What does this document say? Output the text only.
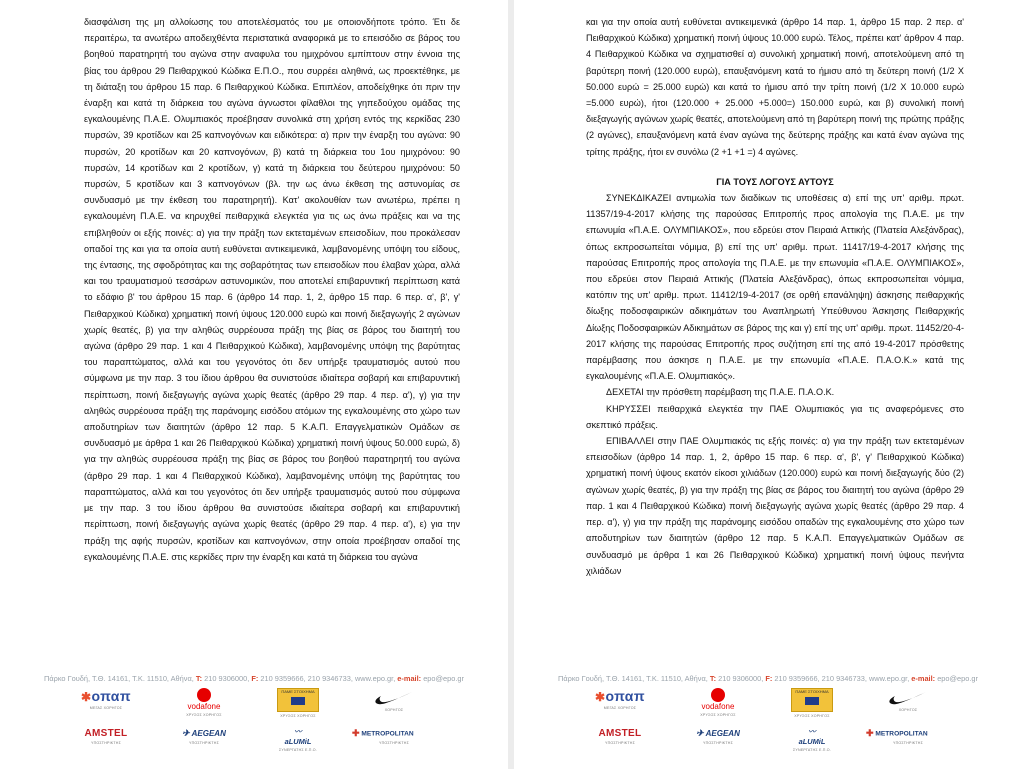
διασφάλιση της μη αλλοίωσης του αποτελέσματός του με οποιονδήποτε τρόπο. Έτι δε περαιτέρω, τα ανωτέρω αποδειχθέντα περιστατικά αναφορικά με το επεισόδιο σε βάρος του βοηθού παρατηρητή του αγώνα στην αναφυλα του ημιχρόνου εμπίπτουν στην έννοια της βίας του άρθρου 29 Πειθαρχικού Κώδικα Ε.Π.Ο., που συρρέει αληθινά, ως προεκτέθηκε, με τη διάταξη του άρθρου 15 παρ. 6 Πειθαρχικού Κώδικα. Επιπλέον, αποδείχθηκε ότι πριν την έναρξη και κατά τη διάρκεια του αγώνα άγνωστοι φίλαθλοι της γηπεδούχου ομάδας της εγκαλουμένης Π.Α.Ε. Ολυμπιακός προέβησαν συνολικά στη χρήση εντός της κερκίδας 230 πυρσών, 39 κροτίδων και 25 καπνογόνων και ειδικότερα: α) πριν την έναρξη του αγώνα: 90 πυρσών, 20 κροτίδων και 20 καπνογόνων, β) κατά τη διάρκεια του 1ου ημιχρόνου: 90 πυρσών, 14 κροτίδων και 2 κροτίδων, γ) κατά τη διάρκεια του δεύτερου ημιχρόνου: 50 πυρσών, 5 κροτίδων και 3 καπνογόνων (βλ. την ως άνω έκθεση της αστυνομίας σε συνδυασμό με την έκθεση του παρατηρητή). Κατ' ακολουθίαν των ανωτέρω, πρέπει η εγκαλουμένη Π.Α.Ε. να κηρυχθεί πειθαρχικά ελεγκτέα για τις ως άνω πράξεις και να της επιβληθούν οι εξής ποινές: α) για την πράξη των εκτεταμένων επεισοδίων, που προκάλεσαν οπαδοί της και για τα οποία αυτή ευθύνεται αντικειμενικά, λαμβανομένης υπόψη του είδους, της έντασης, της σφοδρότητας και της σοβαρότητας των επεισοδίων που έλαβαν χώρα, αλλά και του τραυματισμού τεσσάρων αστυνομικών, που αποτελεί επιβαρυντική περίπτωση κατά το εδάφιο β' του άρθρου 15 παρ. 6 (άρθρο 14 παρ. 1, 2, άρθρο 15 παρ. 6 περ. α', β', γ' Πειθαρχικού Κώδικα) χρηματική ποινή ύψους 120.000 ευρώ και ποινή διεξαγωγής 2 αγώνων χωρίς θεατές, β) για την αληθώς συρρέουσα πράξη της βίας σε βάρος του διαιτητή του αγώνα (άρθρο 29 παρ. 1 και 4 Πειθαρχικού Κώδικα), λαμβανομένης υπόψη της βαρύτητας του παραπτώματος, αλλά και του γεγονότος ότι δεν υπήρξε τραυματισμός αυτού που σύμφωνα με την παρ. 3 του ίδιου άρθρου θα συνιστούσε ιδιαίτερα σοβαρή και επιβαρυντική περίπτωση, ποινή διεξαγωγής αγώνα χωρίς θεατές (άρθρο 29 παρ. 4 περ. α'), γ) για την αληθώς συρρέουσα πράξη της παράνομης εισόδου ατόμων της εγκαλουμένης στο χώρο των αποδυτηρίων των διαιτητών (άρθρο 12 παρ. 5 Κ.Α.Π. Επαγγελματικών Ομάδων σε συνδυασμό με άρθρα 1 και 26 Πειθαρχικού Κώδικα) χρηματική ποινή ύψους 50.000 ευρώ, δ) για την αληθώς συρρέουσα πράξη της βίας σε βάρος του βοηθού παρατηρητή του αγώνα (άρθρο 29 παρ. 1 και 4 Πειθαρχικού Κώδικα), λαμβανομένης υπόψη της βαρύτητας του παραπτώματος, αλλά και του γεγονότος ότι δεν υπήρξε τραυματισμός αυτού που σύμφωνα με την παρ. 3 του ίδιου άρθρου θα συνιστούσε ιδιαίτερα σοβαρή και επιβαρυντική περίπτωση, ποινή διεξαγωγής αγώνα χωρίς θεατές (άρθρο 29 παρ. 4 περ. α'), ε) για την πράξη της αφής πυρσών, κροτίδων και καπνογόνων, στην οποία προέβησαν οπαδοί της εγκαλουμένης Π.Α.Ε. στις κερκίδες πριν την έναρξη και κατά τη διάρκεια του αγώνα

Πάρκο Γουδή, Τ.Θ. 14161, Τ.Κ. 11510, Αθήνα, T: 210 9306000, F: 210 9359666, 210 9346733, www.epo.gr, e-mail: epo@epo.gr
✱οπαπ
ΜΕΓΑΣ ΧΟΡΗΓΟΣ	vodafone
ΧΡΥΣΟΣ ΧΟΡΗΓΟΣ
ΠΑΜΕ ΣΤΟΙΧΗΜΑ
ΧΡΥΣΟΣ ΧΟΡΗΓΟΣ
ΧΟΡΗΓΟΣ
AMSTEL
ΥΠΟΣΤΗΡΙΚΤΗΣ
✈ AEGEAN
ΥΠΟΣΤΗΡΙΚΤΗΣ
〰
aLUMiL
ΣΥΝΕΡΓΑΤΗΣ Ε.Π.Ο.
✚ METROPOLITAN
ΥΠΟΣΤΗΡΙΚΤΗΣ

και για την οποία αυτή ευθύνεται αντικειμενικά (άρθρο 14 παρ. 1, άρθρο 15 παρ. 2 περ. α' Πειθαρχικού Κώδικα) χρηματική ποινή ύψους 10.000 ευρώ. Τέλος, πρέπει κατ' άρθρον 4 παρ. 4 Πειθαρχικού Κώδικα να σχηματισθεί α) συνολική χρηματική ποινή, αποτελούμενη από τη βαρύτερη ποινή (120.000 ευρώ), επαυξανόμενη κατά το ήμισυ από τη δεύτερη ποινή (1/2 Χ 50.000 ευρώ = 25.000 ευρώ) και κατά το ήμισυ από την τρίτη ποινή (1/2 Χ 10.000 ευρώ =5.000 ευρώ), ήτοι (120.000 + 25.000 +5.000=) 150.000 ευρώ, και β) συνολική ποινή διεξαγωγής αγώνων χωρίς θεατές, αποτελούμενη από τη βαρύτερη ποινή της πρώτης πράξης (2 αγώνες), επαυξανόμενη κατά έναν αγώνα της δεύτερης πράξης και κατά έναν αγώνα της τρίτης πράξης, ήτοι εν συνόλω (2 +1 +1 =) 4 αγώνες.

ΓΙΑ ΤΟΥΣ ΛΟΓΟΥΣ ΑΥΤΟΥΣ

ΣΥΝΕΚΔΙΚΑΖΕΙ αντιμωλία των διαδίκων τις υποθέσεις α) επί της υπ' αριθμ. πρωτ. 11357/19-4-2017 κλήσης της παρούσας Επιτροπής προς απολογία της Π.Α.Ε. με την επωνυμία «Π.Α.Ε. ΟΛΥΜΠΙΑΚΟΣ», που εδρεύει στον Πειραιά Αττικής (Πλατεία Αλεξάνδρας), όπως εκπροσωπείται νόμιμα, β) επί της υπ' αριθμ. πρωτ. 11417/19-4-2017 κλήσης της παρούσας Επιτροπής προς απολογία της Π.Α.Ε. με την επωνυμία «Π.Α.Ε. ΟΛΥΜΠΙΑΚΟΣ», που εδρεύει στον Πειραιά Αττικής (Πλατεία Αλεξάνδρας), όπως εκπροσωπείται νόμιμα, κατόπιν της υπ' αριθμ. πρωτ. 11412/19-4-2017 (σε ορθή επανάληψη) άσκησης πειθαρχικής δίωξης ποδοσφαιρικών αδικημάτων του Αναπληρωτή Υπεύθυνου Άσκησης Πειθαρχικής Δίωξης Ποδοσφαιρικών Αδικημάτων σε βάρος της και γ) επί της υπ' αριθμ. πρωτ. 11452/20-4-2017 κλήσης της παρούσας Επιτροπής προς συζήτηση επί της από 19-4-2017 πρόσθετης παρέμβασης που άσκησε η Π.Α.Ε. με την επωνυμία «Π.Α.Ε. Π.Α.Ο.Κ.» κατά της εγκαλουμένης «Π.Α.Ε. Ολυμπιακός».

ΔΕΧΕΤΑΙ την πρόσθετη παρέμβαση της Π.Α.Ε. Π.Α.Ο.Κ.

ΚΗΡΥΣΣΕΙ πειθαρχικά ελεγκτέα την ΠΑΕ Ολυμπιακός για τις αναφερόμενες στο σκεπτικό πράξεις.

ΕΠΙΒΑΛΛΕΙ στην ΠΑΕ Ολυμπιακός τις εξής ποινές: α) για την πράξη των εκτεταμένων επεισοδίων (άρθρο 14 παρ. 1, 2, άρθρο 15 παρ. 6 περ. α', β', γ' Πειθαρχικού Κώδικα) χρηματική ποινή ύψους εκατόν είκοσι χιλιάδων (120.000) ευρώ και ποινή διεξαγωγής δύο (2) αγώνων χωρίς θεατές, β) για την πράξη της βίας σε βάρος του διαιτητή του αγώνα (άρθρο 29 παρ. 1 και 4 Πειθαρχικού Κώδικα) ποινή διεξαγωγής αγώνα χωρίς θεατές (άρθρο 29 παρ. 4 περ. α'), γ) για την πράξη της παράνομης εισόδου οπαδών της εγκαλουμένης στο χώρο των αποδυτηρίων των διαιτητών (άρθρο 12 παρ. 5 Κ.Α.Π. Επαγγελματικών Ομάδων σε συνδυασμό με άρθρα 1 και 26 Πειθαρχικού Κώδικα) χρηματική ποινή ύψους πενήντα χιλιάδων

Πάρκο Γουδή, Τ.Θ. 14161, Τ.Κ. 11510, Αθήνα, T: 210 9306000, F: 210 9359666, 210 9346733, www.epo.gr, e-mail: epo@epo.gr
✱οπαπ
ΜΕΓΑΣ ΧΟΡΗΓΟΣ	vodafone
ΧΡΥΣΟΣ ΧΟΡΗΓΟΣ
ΠΑΜΕ ΣΤΟΙΧΗΜΑ
ΧΡΥΣΟΣ ΧΟΡΗΓΟΣ
ΧΟΡΗΓΟΣ
AMSTEL
ΥΠΟΣΤΗΡΙΚΤΗΣ
✈ AEGEAN
ΥΠΟΣΤΗΡΙΚΤΗΣ
〰
aLUMiL
ΣΥΝΕΡΓΑΤΗΣ Ε.Π.Ο.
✚ METROPOLITAN
ΥΠΟΣΤΗΡΙΚΤΗΣ
